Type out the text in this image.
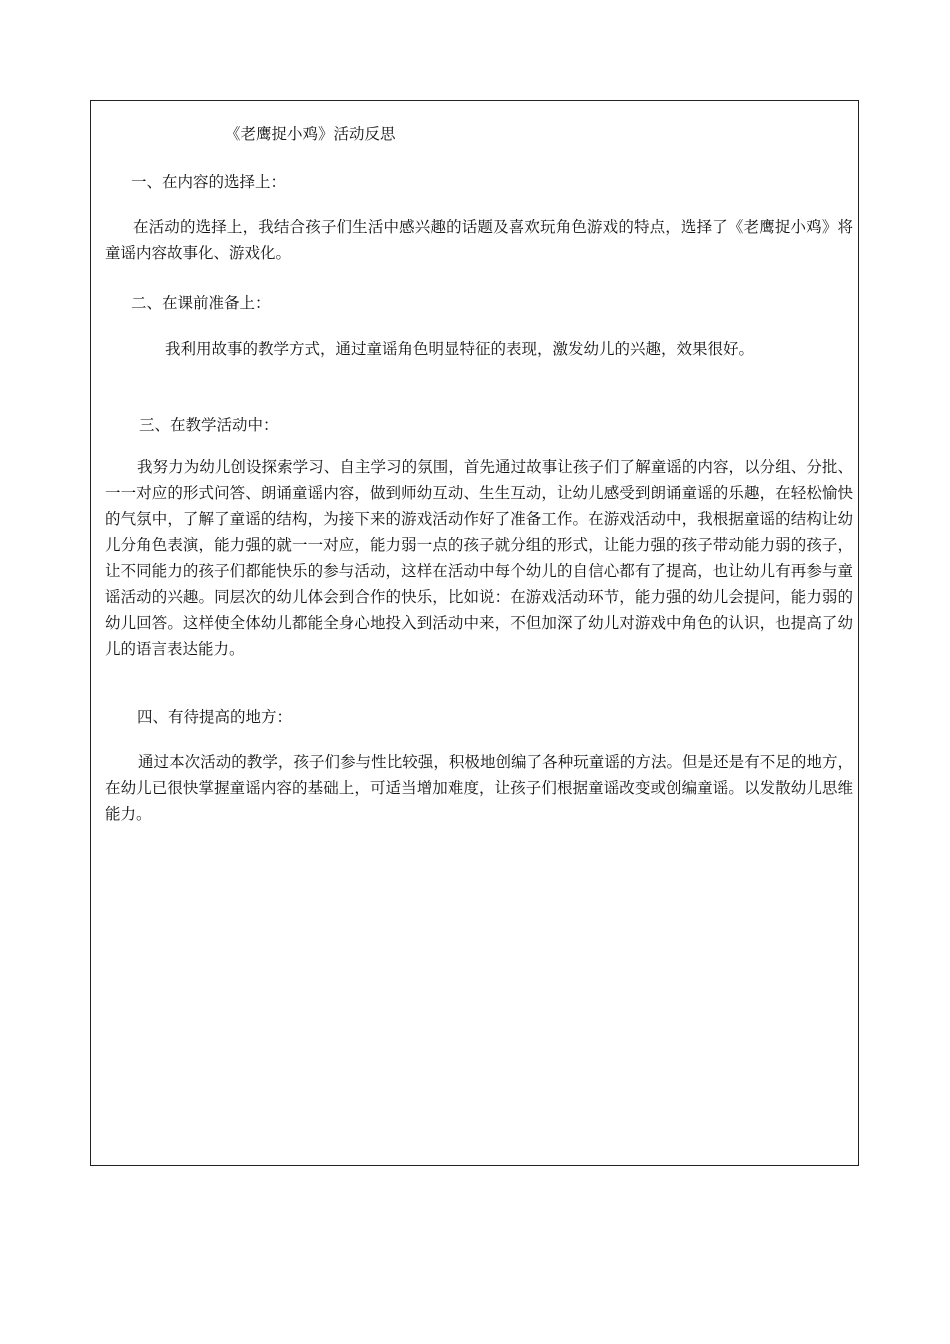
《老鹰捉小鸡》活动反思
一、在内容的选择上：
在活动的选择上，我结合孩子们生活中感兴趣的话题及喜欢玩角色游戏的特点，选择了《老鹰捉小鸡》将童谣内容故事化、游戏化。
二、在课前准备上：
我利用故事的教学方式，通过童谣角色明显特征的表现，激发幼儿的兴趣，效果很好。
三、在教学活动中：
我努力为幼儿创设探索学习、自主学习的氛围，首先通过故事让孩子们了解童谣的内容，以分组、分批、一一对应的形式问答、朗诵童谣内容，做到师幼互动、生生互动，让幼儿感受到朗诵童谣的乐趣，在轻松愉快的气氛中，了解了童谣的结构，为接下来的游戏活动作好了准备工作。在游戏活动中，我根据童谣的结构让幼儿分角色表演，能力强的就一一对应，能力弱一点的孩子就分组的形式，让能力强的孩子带动能力弱的孩子，让不同能力的孩子们都能快乐的参与活动，这样在活动中每个幼儿的自信心都有了提高，也让幼儿有再参与童谣活动的兴趣。同层次的幼儿体会到合作的快乐，比如说：在游戏活动环节，能力强的幼儿会提问，能力弱的幼儿回答。这样使全体幼儿都能全身心地投入到活动中来，不但加深了幼儿对游戏中角色的认识，也提高了幼儿的语言表达能力。
四、有待提高的地方：
通过本次活动的教学，孩子们参与性比较强，积极地创编了各种玩童谣的方法。但是还是有不足的地方，在幼儿已很快掌握童谣内容的基础上，可适当增加难度，让孩子们根据童谣改变或创编童谣。以发散幼儿思维能力。
